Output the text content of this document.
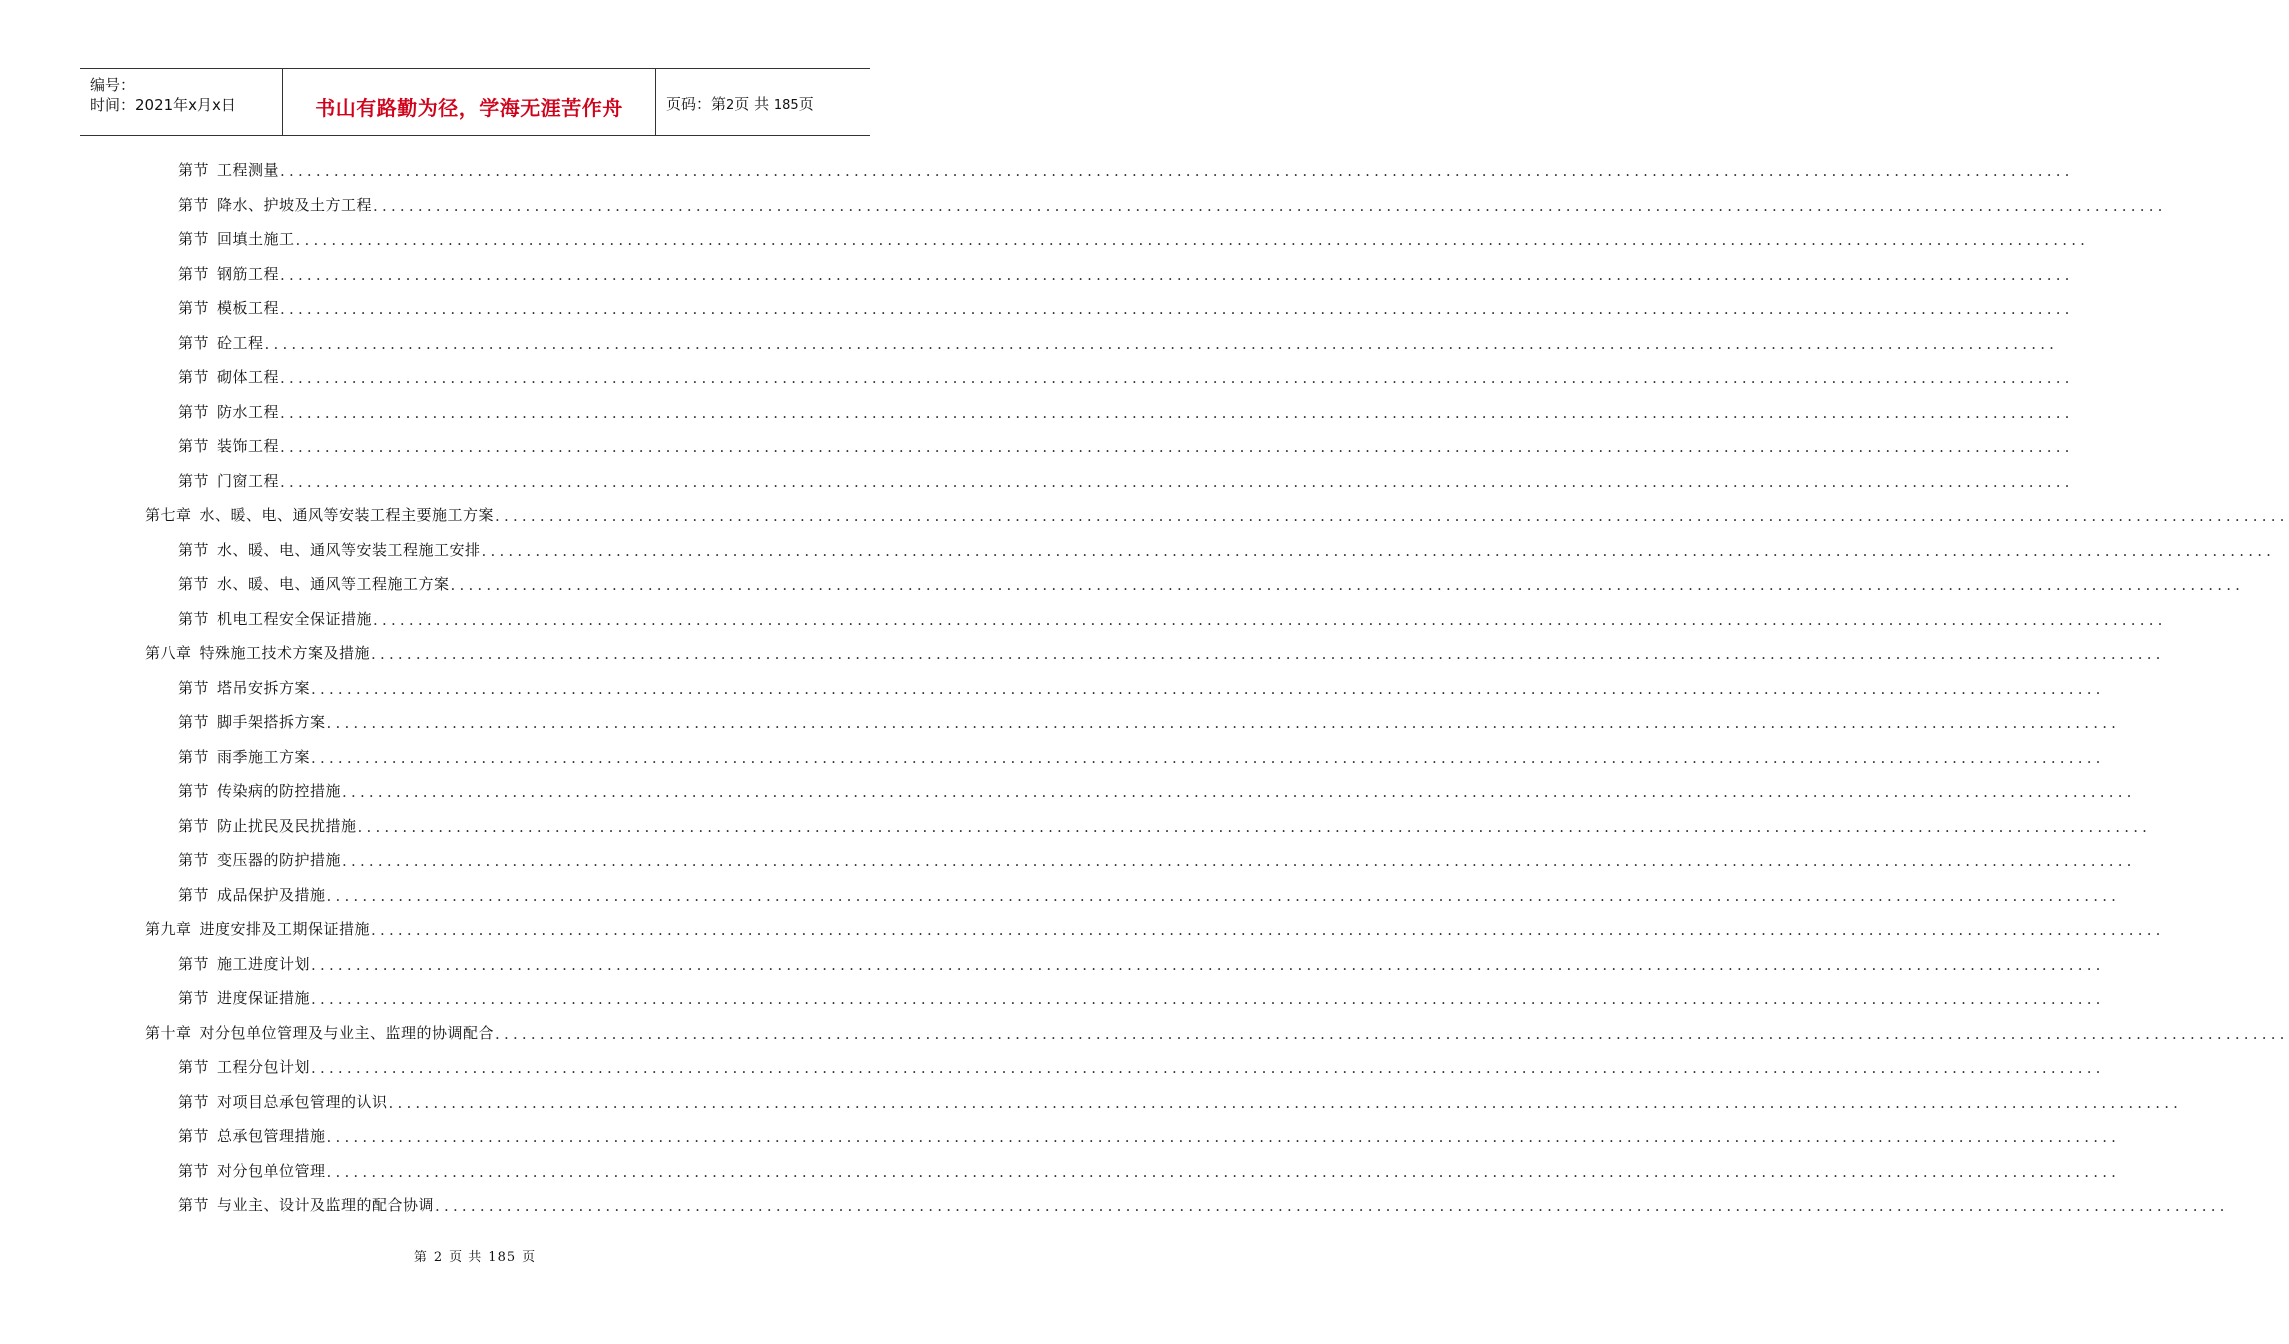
编号：
时间：2021年x月x日	书山有路勤为径，学海无涯苦作舟	页码：第2页 共 185页
第节 工程测量 ........................................................................................................................................................................................................
第节 降水、护坡及土方工程 ........................................................................................................................................................................................................
第节 回填土施工 ........................................................................................................................................................................................................
第节 钢筋工程 ........................................................................................................................................................................................................
第节 模板工程 ........................................................................................................................................................................................................
第节 砼工程 ........................................................................................................................................................................................................
第节 砌体工程 ........................................................................................................................................................................................................
第节 防水工程 ........................................................................................................................................................................................................
第节 装饰工程 ........................................................................................................................................................................................................
第节 门窗工程 ........................................................................................................................................................................................................
第七章 水、暖、电、通风等安装工程主要施工方案 ........................................................................................................................................................................................................
第节 水、暖、电、通风等安装工程施工安排 ........................................................................................................................................................................................................
第节 水、暖、电、通风等工程施工方案 ........................................................................................................................................................................................................
第节 机电工程安全保证措施 ........................................................................................................................................................................................................
第八章 特殊施工技术方案及措施 ........................................................................................................................................................................................................
第节 塔吊安拆方案 ........................................................................................................................................................................................................
第节 脚手架搭拆方案 ........................................................................................................................................................................................................
第节 雨季施工方案 ........................................................................................................................................................................................................
第节 传染病的防控措施 ........................................................................................................................................................................................................
第节 防止扰民及民扰措施 ........................................................................................................................................................................................................
第节 变压器的防护措施 ........................................................................................................................................................................................................
第节 成品保护及措施 ........................................................................................................................................................................................................
第九章 进度安排及工期保证措施 ........................................................................................................................................................................................................
第节 施工进度计划 ........................................................................................................................................................................................................
第节 进度保证措施 ........................................................................................................................................................................................................
第十章 对分包单位管理及与业主、监理的协调配合 ........................................................................................................................................................................................................
第节 工程分包计划 ........................................................................................................................................................................................................
第节 对项目总承包管理的认识 ........................................................................................................................................................................................................
第节 总承包管理措施 ........................................................................................................................................................................................................
第节 对分包单位管理 ........................................................................................................................................................................................................
第节 与业主、设计及监理的配合协调 ........................................................................................................................................................................................................
第 2 页 共 185 页
